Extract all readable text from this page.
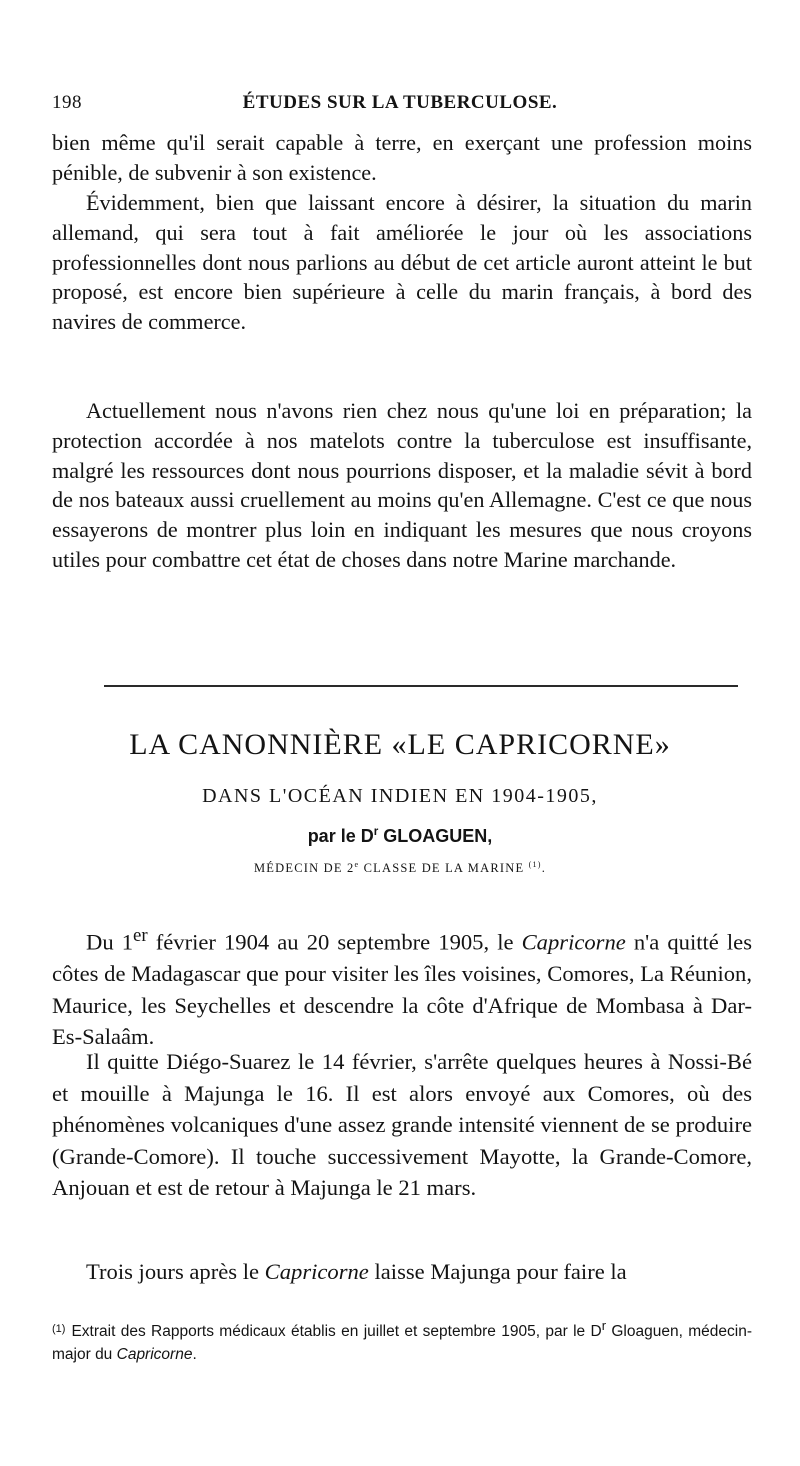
198	ÉTUDES SUR LA TUBERCULOSE.

bien même qu'il serait capable à terre, en exerçant une profession moins pénible, de subvenir à son existence.

Évidemment, bien que laissant encore à désirer, la situation du marin allemand, qui sera tout à fait améliorée le jour où les associations professionnelles dont nous parlions au début de cet article auront atteint le but proposé, est encore bien supérieure à celle du marin français, à bord des navires de commerce.

Actuellement nous n'avons rien chez nous qu'une loi en préparation; la protection accordée à nos matelots contre la tuberculose est insuffisante, malgré les ressources dont nous pourrions disposer, et la maladie sévit à bord de nos bateaux aussi cruellement au moins qu'en Allemagne. C'est ce que nous essayerons de montrer plus loin en indiquant les mesures que nous croyons utiles pour combattre cet état de choses dans notre Marine marchande.

LA CANONNIÈRE «LE CAPRICORNE»
DANS L'OCÉAN INDIEN EN 1904-1905,
par le $D^r$ GLOAGUEN,
MÉDECIN DE 2e CLASSE DE LA MARINE $^{(1)}$.

Du 1er février 1904 au 20 septembre 1905, le Capricorne n'a quitté les côtes de Madagascar que pour visiter les îles voisines, Comores, La Réunion, Maurice, les Seychelles et descendre la côte d'Afrique de Mombasa à Dar-Es-Salaâm.

Il quitte Diégo-Suarez le 14 février, s'arrête quelques heures à Nossi-Bé et mouille à Majunga le 16. Il est alors envoyé aux Comores, où des phénomènes volcaniques d'une assez grande intensité viennent de se produire (Grande-Comore). Il touche successivement Mayotte, la Grande-Comore, Anjouan et est de retour à Majunga le 21 mars.

Trois jours après le Capricorne laisse Majunga pour faire la

$^{(1)}$ Extrait des Rapports médicaux établis en juillet et septembre 1905, par le $D^r$ Gloaguen, médecin-major du Capricorne.
